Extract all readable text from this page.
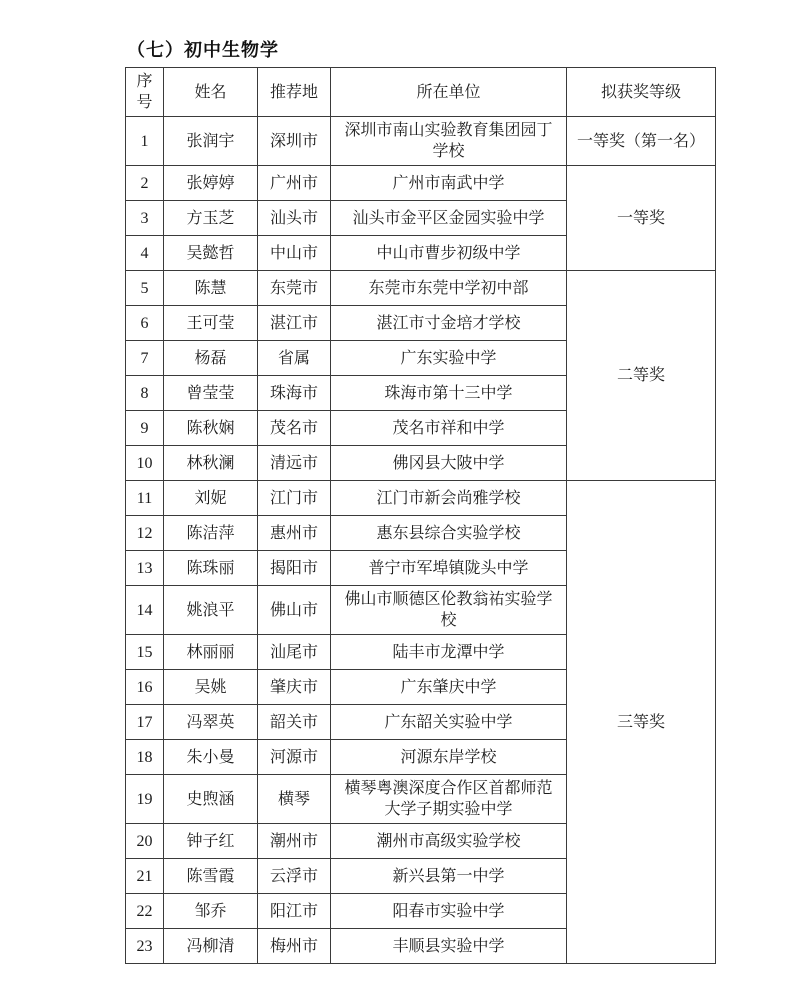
（七）初中生物学
序号	姓名	推荐地	所在单位	拟获奖等级
1	张润宇	深圳市	深圳市南山实验教育集团园丁学校	一等奖（第一名）
2	张婷婷	广州市	广州市南武中学	一等奖
3	方玉芝	汕头市	汕头市金平区金园实验中学	
4	吴懿哲	中山市	中山市曹步初级中学	
5	陈慧	东莞市	东莞市东莞中学初中部	二等奖
6	王可莹	湛江市	湛江市寸金培才学校	
7	杨磊	省属	广东实验中学	
8	曾莹莹	珠海市	珠海市第十三中学	
9	陈秋娴	茂名市	茂名市祥和中学	
10	林秋澜	清远市	佛冈县大陂中学	
11	刘妮	江门市	江门市新会尚雅学校	三等奖
12	陈洁萍	惠州市	惠东县综合实验学校	
13	陈珠丽	揭阳市	普宁市军埠镇陇头中学	
14	姚浪平	佛山市	佛山市顺德区伦教翁祐实验学校	
15	林丽丽	汕尾市	陆丰市龙潭中学	
16	吴姚	肇庆市	广东肇庆中学	
17	冯翠英	韶关市	广东韶关实验中学	
18	朱小曼	河源市	河源东岸学校	
19	史煦涵	横琴	横琴粤澳深度合作区首都师范大学子期实验中学	
20	钟子红	潮州市	潮州市高级实验学校	
21	陈雪霞	云浮市	新兴县第一中学	
22	邹乔	阳江市	阳春市实验中学	
23	冯柳清	梅州市	丰顺县实验中学	
